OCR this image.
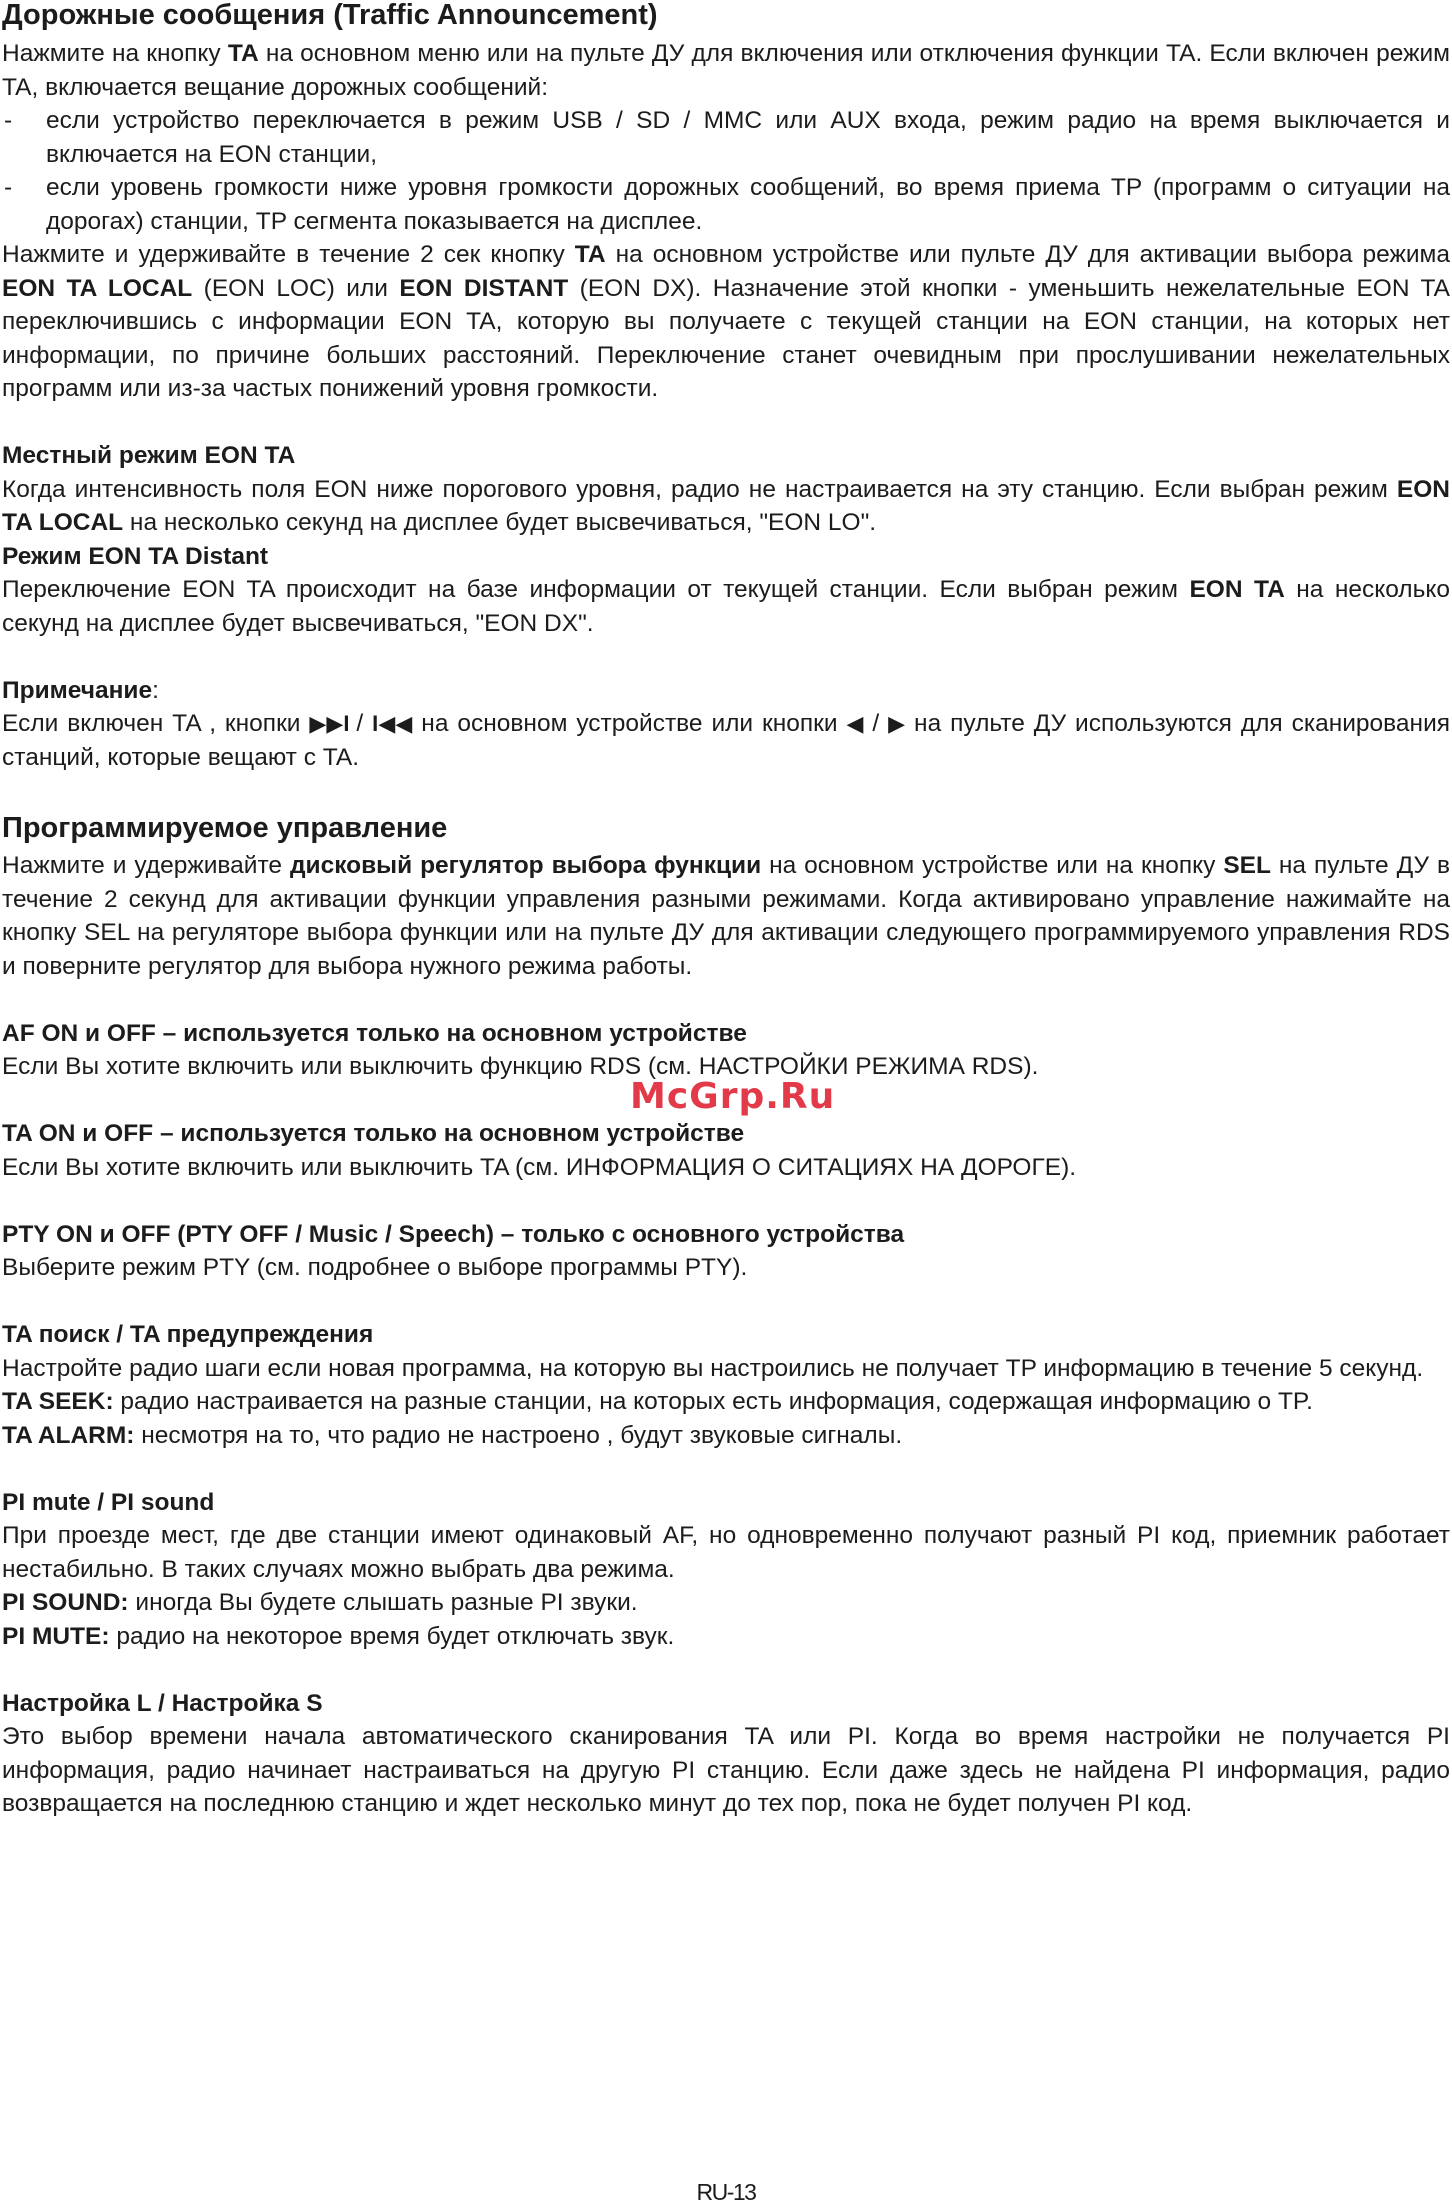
Дорожные сообщения (Traffic Announcement)

Нажмите на кнопку TA на основном меню или на пульте ДУ для включения или отключения функции TA. Если включен режим TA, включается вещание дорожных сообщений:

- если устройство переключается в режим USB / SD / MMC или AUX входа, режим радио на время выключается и включается на EON станции,
- если уровень громкости ниже уровня громкости дорожных сообщений, во время приема TP (программ о ситуации на дорогах) станции, TP сегмента показывается на дисплее.

Нажмите и удерживайте в течение 2 сек кнопку TA на основном устройстве или пульте ДУ для активации выбора режима EON TA LOCAL (EON LOC) или EON DISTANT (EON DX). Назначение этой кнопки - уменьшить нежелательные EON TA переключившись с информации EON TA, которую вы получаете с текущей станции на EON станции, на которых нет информации, по причине больших расстояний. Переключение станет очевидным при прослушивании нежелательных программ или из-за частых понижений уровня громкости.

Местный режим EON TA

Когда интенсивность поля EON ниже порогового уровня, радио не настраивается на эту станцию. Если выбран режим EON TA LOCAL на несколько секунд на дисплее будет высвечиваться, "EON LO".

Режим EON TA Distant

Переключение EON TA происходит на базе информации от текущей станции. Если выбран режим EON TA на несколько секунд на дисплее будет высвечиваться, "EON DX".

Примечание:

Если включен TA , кнопки ▶▶I / I◀◀ на основном устройстве или кнопки ◀ / ▶ на пульте ДУ используются для сканирования станций, которые вещают с TA.

Программируемое управление

Нажмите и удерживайте дисковый регулятор выбора функции на основном устройстве или на кнопку SEL на пульте ДУ в течение 2 секунд для активации функции управления разными режимами. Когда активировано управление нажимайте на кнопку SEL на регуляторе выбора функции или на пульте ДУ для активации следующего программируемого управления RDS и поверните регулятор для выбора нужного режима работы.

AF ON и OFF – используется только на основном устройстве

Если Вы хотите включить или выключить функцию RDS (см. НАСТРОЙКИ РЕЖИМА RDS).

TA ON и OFF – используется только на основном устройстве

Если Вы хотите включить или выключить TA (см. ИНФОРМАЦИЯ О СИТАЦИЯХ НА ДОРОГЕ).

PTY ON и OFF (PTY OFF / Music / Speech) – только с основного устройства

Выберите режим PTY (см. подробнее о выборе программы PTY).

TA поиск / TA предупреждения

Настройте радио шаги если новая программа, на которую вы настроились не получает TP информацию в течение 5 секунд.

TA SEEK: радио настраивается на разные станции, на которых есть информация, содержащая информацию о TP.

TA ALARM: несмотря на то, что радио не настроено , будут звуковые сигналы.

PI mute / PI sound

При проезде мест, где две станции имеют одинаковый AF, но одновременно получают разный PI код, приемник работает нестабильно. В таких случаях можно выбрать два режима.

PI SOUND: иногда Вы будете слышать разные PI звуки.

PI MUTE: радио на некоторое время будет отключать звук.

Настройка L / Настройка S

Это выбор времени начала автоматического сканирования TA или PI. Когда во время настройки не получается PI информация, радио начинает настраиваться на другую PI станцию. Если даже здесь не найдена PI информация, радио возвращается на последнюю станцию и ждет несколько минут до тех пор, пока не будет получен PI код.

McGrp.Ru
RU-13
